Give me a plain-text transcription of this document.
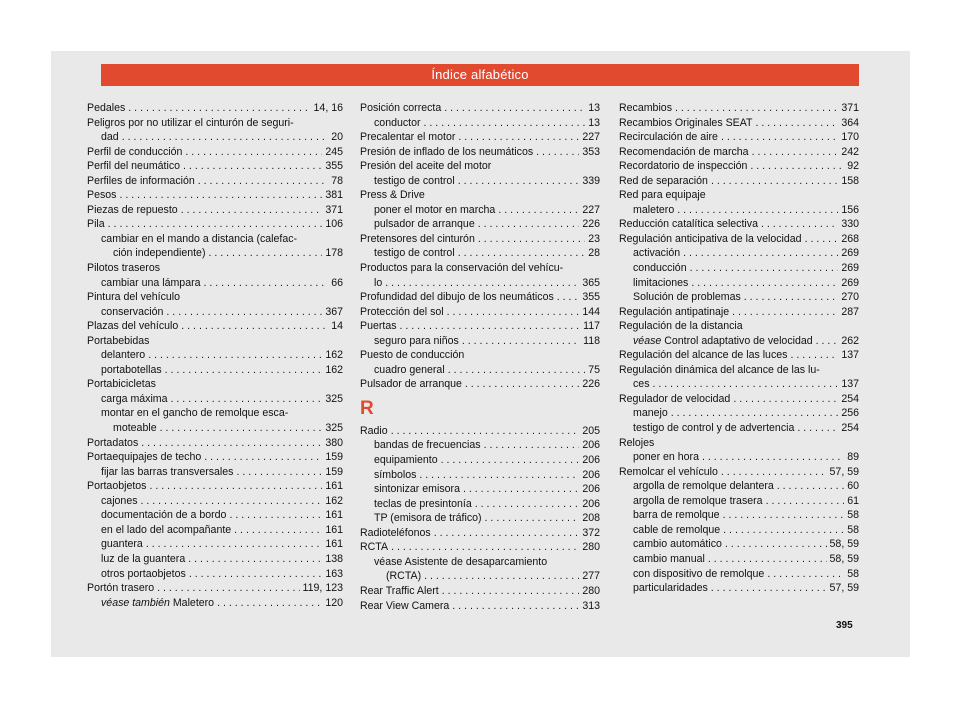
Índice alfabético
Pedales . . .	14, 16
Peligros por no utilizar el cinturón de seguri-
dad . . .	20
Perfil de conducción . . .	245
Perfil del neumático . . .	355
Perfiles de información . . .	78
Pesos . . .	381
Piezas de repuesto . . .	371
Pila . . .	106
cambiar en el mando a distancia (calefac-
ción independiente) . . .	178
Pilotos traseros
cambiar una lámpara . . .	66
Pintura del vehículo
conservación . . .	367
Plazas del vehículo . . .	14
Portabebidas
delantero . . .	162
portabotellas . . .	162
Portabicicletas
carga máxima . . .	325
montar en el gancho de remolque esca-
moteable . . .	325
Portadatos . . .	380
Portaequipajes de techo . . .	159
fijar las barras transversales . . .	159
Portaobjetos . . .	161
cajones . . .	162
documentación de a bordo . . .	161
en el lado del acompañante . . .	161
guantera . . .	161
luz de la guantera . . .	138
otros portaobjetos . . .	163
Portón trasero . . .	119, 123
véase también Maletero . . .	120
Posición correcta . . .	13
conductor . . .	13
Precalentar el motor . . .	227
Presión de inflado de los neumáticos . . .	353
Presión del aceite del motor
testigo de control . . .	339
Press & Drive
poner el motor en marcha . . .	227
pulsador de arranque . . .	226
Pretensores del cinturón . . .	23
testigo de control . . .	28
Productos para la conservación del vehícu-
lo . . .	365
Profundidad del dibujo de los neumáticos . . .	355
Protección del sol . . .	144
Puertas . . .	117
seguro para niños . . .	118
Puesto de conducción
cuadro general . . .	75
Pulsador de arranque . . .	226
R
Radio . . .	205
bandas de frecuencias . . .	206
equipamiento . . .	206
símbolos . . .	206
sintonizar emisora . . .	206
teclas de presintonía . . .	206
TP (emisora de tráfico) . . .	208
Radioteléfonos . . .	372
RCTA . . .	280
véase Asistente de desaparcamiento
(RCTA) . . .	277
Rear Traffic Alert . . .	280
Rear View Camera . . .	313
Recambios . . .	371
Recambios Originales SEAT . . .	364
Recirculación de aire . . .	170
Recomendación de marcha . . .	242
Recordatorio de inspección . . .	92
Red de separación . . .	158
Red para equipaje
maletero . . .	156
Reducción catalítica selectiva . . .	330
Regulación anticipativa de la velocidad . . .	268
activación . . .	269
conducción . . .	269
limitaciones . . .	269
Solución de problemas . . .	270
Regulación antipatinaje . . .	287
Regulación de la distancia
véase Control adaptativo de velocidad . . .	262
Regulación del alcance de las luces . . .	137
Regulación dinámica del alcance de las lu-
ces . . .	137
Regulador de velocidad . . .	254
manejo . . .	256
testigo de control y de advertencia . . .	254
Relojes
poner en hora . . .	89
Remolcar el vehículo . . .	57, 59
argolla de remolque delantera . . .	60
argolla de remolque trasera . . .	61
barra de remolque . . .	58
cable de remolque . . .	58
cambio automático . . .	58, 59
cambio manual . . .	58, 59
con dispositivo de remolque . . .	58
particularidades . . .	57, 59
395
